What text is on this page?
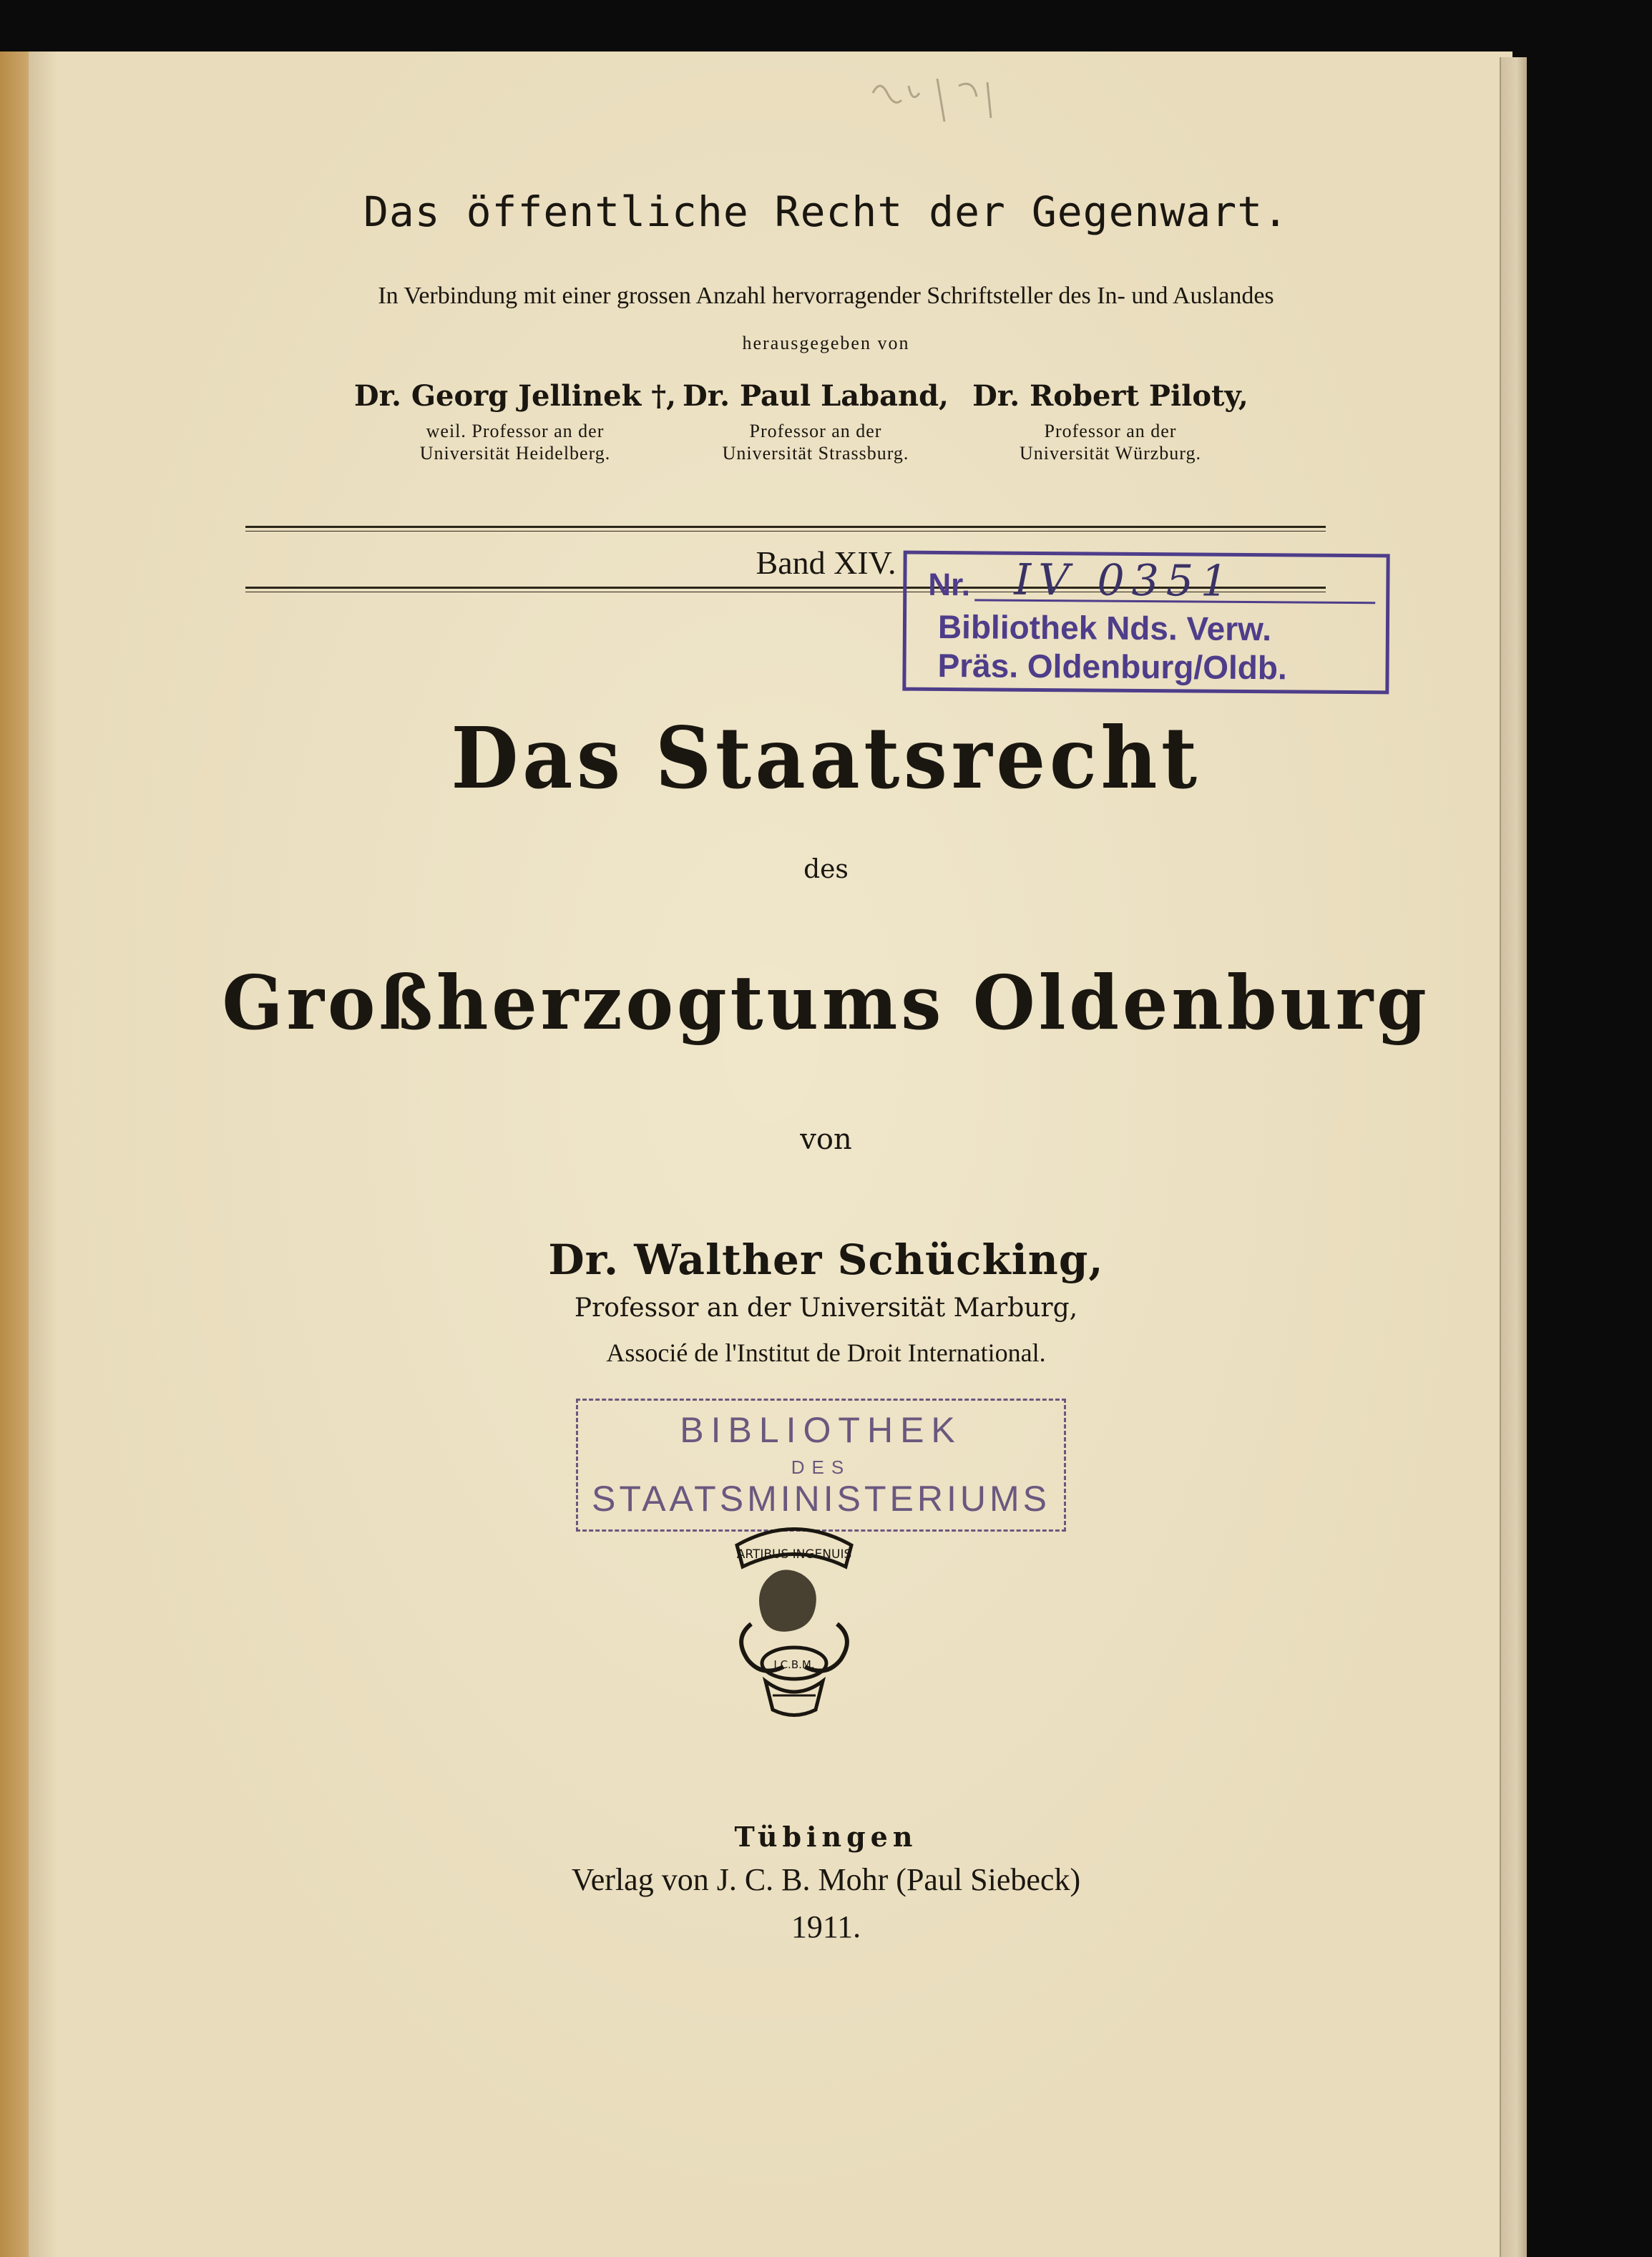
Das öffentliche Recht der Gegenwart.
In Verbindung mit einer grossen Anzahl hervorragender Schriftsteller des In- und Auslandes
herausgegeben von
Dr. Georg Jellinek †,
weil. Professor an der
Universität Heidelberg.
Dr. Paul Laband,
Professor an der
Universität Strassburg.
Dr. Robert Piloty,
Professor an der
Universität Würzburg.
Band XIV.
Nr. IV 0351
Bibliothek Nds. Verw.
Präs. Oldenburg/Oldb.
Das Staatsrecht
des
Großherzogtums Oldenburg
von
Dr. Walther Schücking,
Professor an der Universität Marburg,
Associé de l'Institut de Droit International.
BIBLIOTHEK
DES
STAATSMINISTERIUMS
ARTIBUS INGENUIS
J.C.B.M.
Tübingen
Verlag von J. C. B. Mohr (Paul Siebeck)
1911.
